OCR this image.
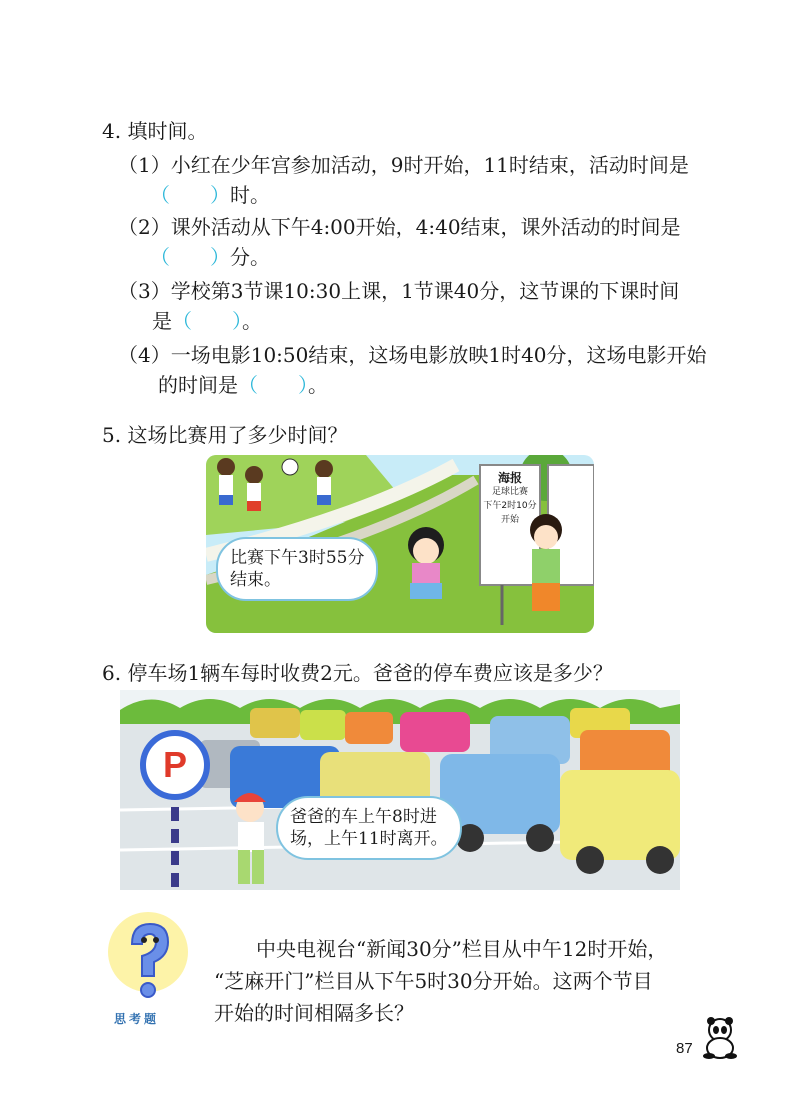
4. 填时间。
（1）小红在少年宫参加活动，9时开始，11时结束，活动时间是
（　　）时。
（2）课外活动从下午4:00开始，4:40结束，课外活动的时间是
（　　）分。
（3）学校第3节课10:30上课，1节课40分，这节课的下课时间
是（　　）。
（4）一场电影10:50结束，这场电影放映1时40分，这场电影开始
的时间是（　　）。
5. 这场比赛用了多少时间？
海报
足球比赛
下午2时10分
开始
比赛下午3时55分
结束。
6. 停车场1辆车每时收费2元。爸爸的停车费应该是多少？
P
爸爸的车上午8时进
场，上午11时离开。
思考题
中央电视台“新闻30分”栏目从中午12时开始，
“芝麻开门”栏目从下午5时30分开始。这两个节目
开始的时间相隔多长？
87
